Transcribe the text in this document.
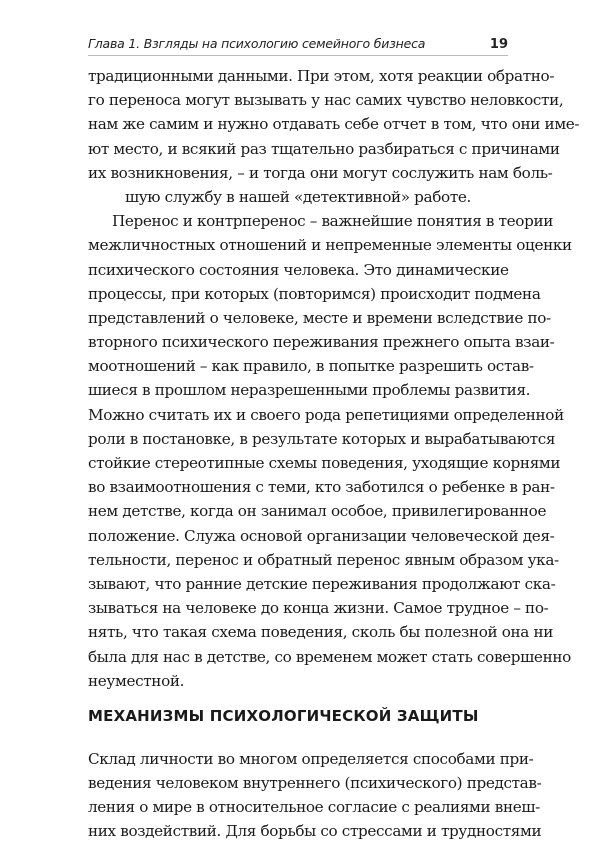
Глава 1. Взгляды на психологию семейного бизнеса	19
традиционными данными. При этом, хотя реакции обратно-
го переноса могут вызывать у нас самих чувство неловкости,
нам же самим и нужно отдавать себе отчет в том, что они име-
ют место, и всякий раз тщательно разбираться с причинами
их возникновения, – и тогда они могут сослужить нам боль-
шую службу в нашей «детективной» работе.
Перенос и контрперенос – важнейшие понятия в теории
межличностных отношений и непременные элементы оценки
психического состояния человека. Это динамические
процессы, при которых (повторимся) происходит подмена
представлений о человеке, месте и времени вследствие по-
вторного психического переживания прежнего опыта взаи-
моотношений – как правило, в попытке разрешить остав-
шиеся в прошлом неразрешенными проблемы развития.
Можно считать их и своего рода репетициями определенной
роли в постановке, в результате которых и вырабатываются
стойкие стереотипные схемы поведения, уходящие корнями
во взаимоотношения с теми, кто заботился о ребенке в ран-
нем детстве, когда он занимал особое, привилегированное
положение. Служа основой организации человеческой дея-
тельности, перенос и обратный перенос явным образом ука-
зывают, что ранние детские переживания продолжают ска-
зываться на человеке до конца жизни. Самое трудное – по-
нять, что такая схема поведения, сколь бы полезной она ни
была для нас в детстве, со временем может стать совершенно
неуместной.
МЕХАНИЗМЫ ПСИХОЛОГИЧЕСКОЙ ЗАЩИТЫ
Склад личности во многом определяется способами при-
ведения человеком внутреннего (психического) представ-
ления о мире в относительное согласие с реалиями внеш-
них воздействий. Для борьбы со стрессами и трудностями
